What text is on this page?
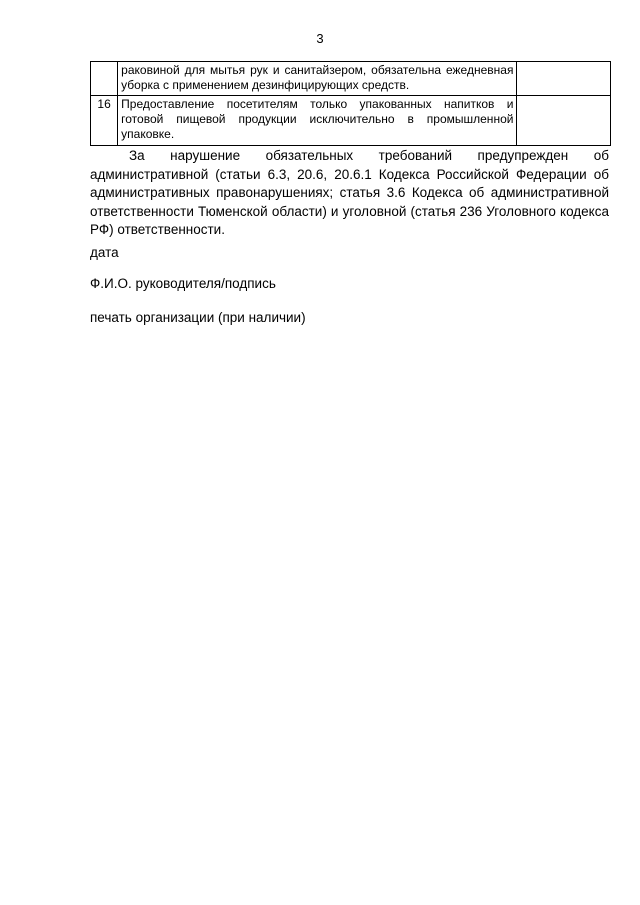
3
	раковиной для мытья рук и санитайзером, обязательна ежедневная уборка с применением дезинфицирующих средств.	
16	Предоставление посетителям только упакованных напитков и готовой пищевой продукции исключительно в промышленной упаковке.	

За нарушение обязательных требований предупрежден об административной (статьи 6.3, 20.6, 20.6.1 Кодекса Российской Федерации об административных правонарушениях; статья 3.6 Кодекса об административной ответственности Тюменской области) и уголовной (статья 236 Уголовного кодекса РФ) ответственности.

дата

Ф.И.О. руководителя/подпись

печать организации (при наличии)
